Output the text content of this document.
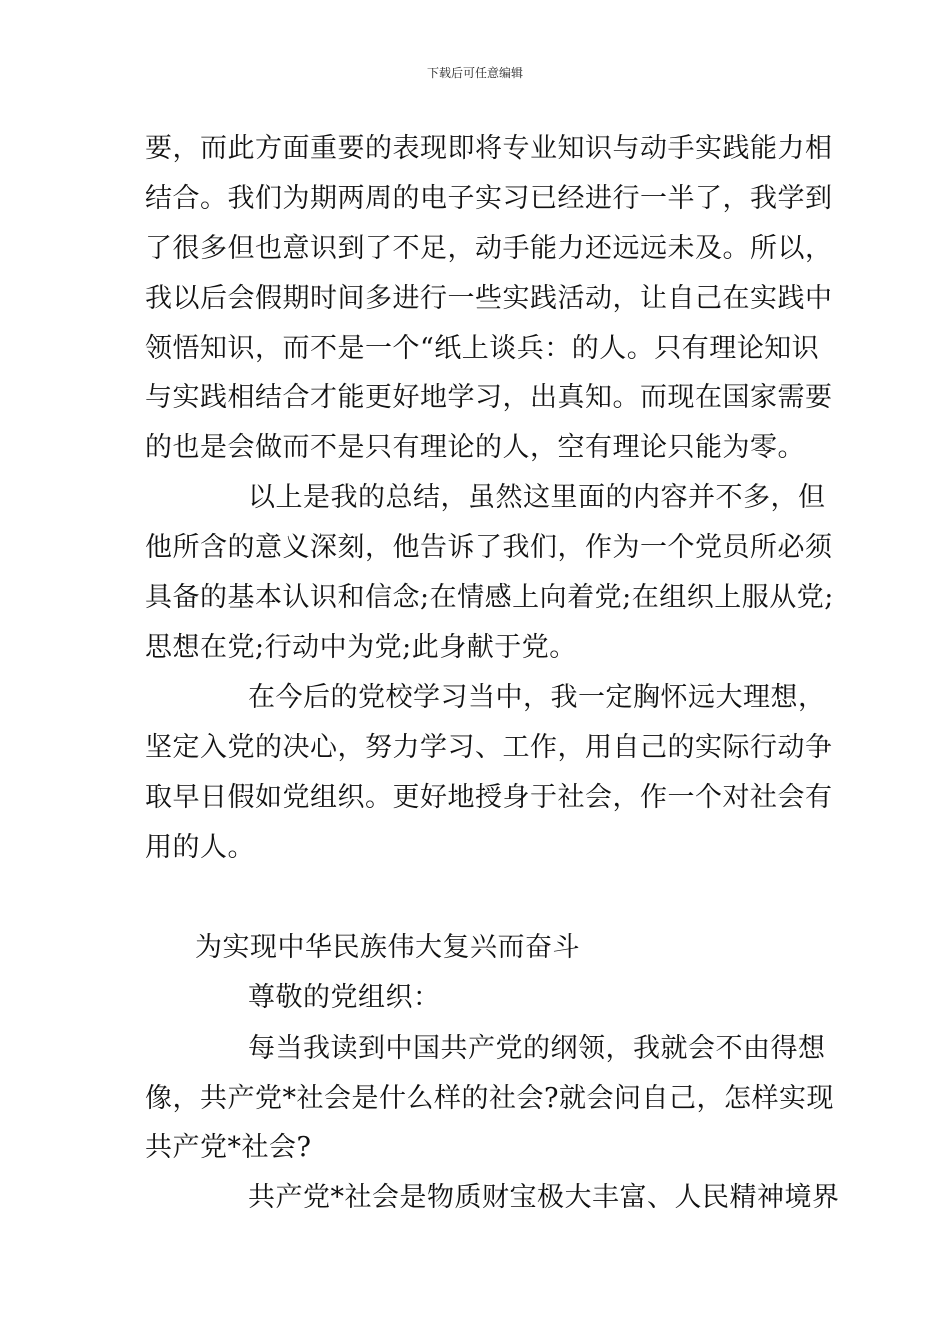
下载后可任意编辑
要，而此方面重要的表现即将专业知识与动手实践能力相
结合。我们为期两周的电子实习已经进行一半了，我学到
了很多但也意识到了不足，动手能力还远远未及。所以，
我以后会假期时间多进行一些实践活动，让自己在实践中
领悟知识，而不是一个“纸上谈兵：的人。只有理论知识
与实践相结合才能更好地学习，出真知。而现在国家需要
的也是会做而不是只有理论的人，空有理论只能为零。
以上是我的总结，虽然这里面的内容并不多，但
他所含的意义深刻，他告诉了我们，作为一个党员所必须
具备的基本认识和信念;在情感上向着党;在组织上服从党;
思想在党;行动中为党;此身献于党。
在今后的党校学习当中，我一定胸怀远大理想，
坚定入党的决心，努力学习、工作，用自己的实际行动争
取早日假如党组织。更好地授身于社会，作一个对社会有
用的人。
为实现中华民族伟大复兴而奋斗
尊敬的党组织：
每当我读到中国共产党的纲领，我就会不由得想
像，共产党*社会是什么样的社会?就会问自己，怎样实现
共产党*社会?
共产党*社会是物质财宝极大丰富、人民精神境界
